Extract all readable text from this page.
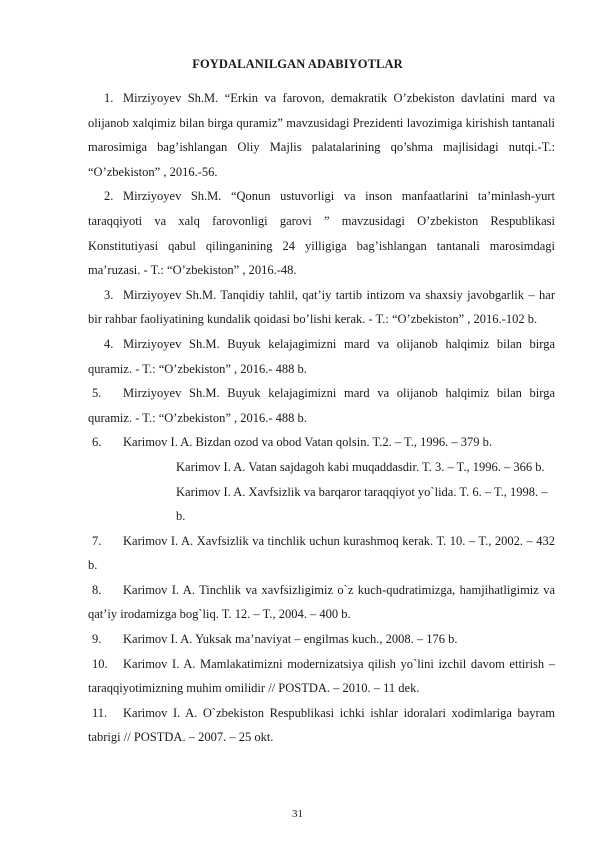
FOYDALANILGAN ADABIYOTLAR

1. Mirziyoyev Sh.M. “Erkin va farovon, demakratik O’zbekiston davlatini mard va olijanob xalqimiz bilan birga quramiz” mavzusidagi Prezidenti lavozimiga kirishish tantanali marosimiga bag’ishlangan Oliy Majlis palatalarining qo’shma majlisidagi nutqi.-T.: “O’zbekiston” , 2016.-56.

2. Mirziyoyev Sh.M. “Qonun ustuvorligi va inson manfaatlarini ta’minlash-yurt taraqqiyoti va xalq farovonligi garovi ” mavzusidagi O’zbekiston Respublikasi Konstitutiyasi qabul qilinganining 24 yilligiga bag’ishlangan tantanali marosimdagi ma’ruzasi. - T.: “O’zbekiston” , 2016.-48.

3. Mirziyoyev Sh.M. Tanqidiy tahlil, qat’iy tartib intizom va shaxsiy javobgarlik – har bir rahbar faoliyatining kundalik qoidasi bo’lishi kerak. - T.: “O’zbekiston” , 2016.-102 b.

4. Mirziyoyev Sh.M. Buyuk kelajagimizni mard va olijanob halqimiz bilan birga quramiz. - T.: “O’zbekiston” , 2016.- 488 b.

5. Mirziyoyev Sh.M. Buyuk kelajagimizni mard va olijanob halqimiz bilan birga quramiz. - T.: “O’zbekiston” , 2016.- 488 b.

6. Karimov I. A. Bizdan ozod va obod Vatan qolsin. T.2. – T., 1996. – 379 b.

Karimov I. A. Vatan sajdagoh kabi muqaddasdir. T. 3. – T., 1996. – 366 b.

Karimov I. A. Xavfsizlik va barqaror taraqqiyot yo`lida. T. 6. – T., 1998. –b.

7. Karimov I. A. Xavfsizlik va tinchlik uchun kurashmoq kerak. T. 10. – T., 2002. – 432 b.

8. Karimov I. A. Tinchlik va xavfsizligimiz o`z kuch-qudratimizga, hamjihatligimiz va qat’iy irodamizga bog`liq. T. 12. – T., 2004. – 400 b.

9. Karimov I. A. Yuksak ma’naviyat – engilmas kuch., 2008. – 176 b.

10. Karimov I. A. Mamlakatimizni modernizatsiya qilish yo`lini izchil davom ettirish – taraqqiyotimizning muhim omilidir // POSTDA. – 2010. – 11 dek.

11. Karimov I. A. O`zbekiston Respublikasi ichki ishlar idoralari xodimlariga bayram tabrigi // POSTDA. – 2007. – 25 okt.

31
